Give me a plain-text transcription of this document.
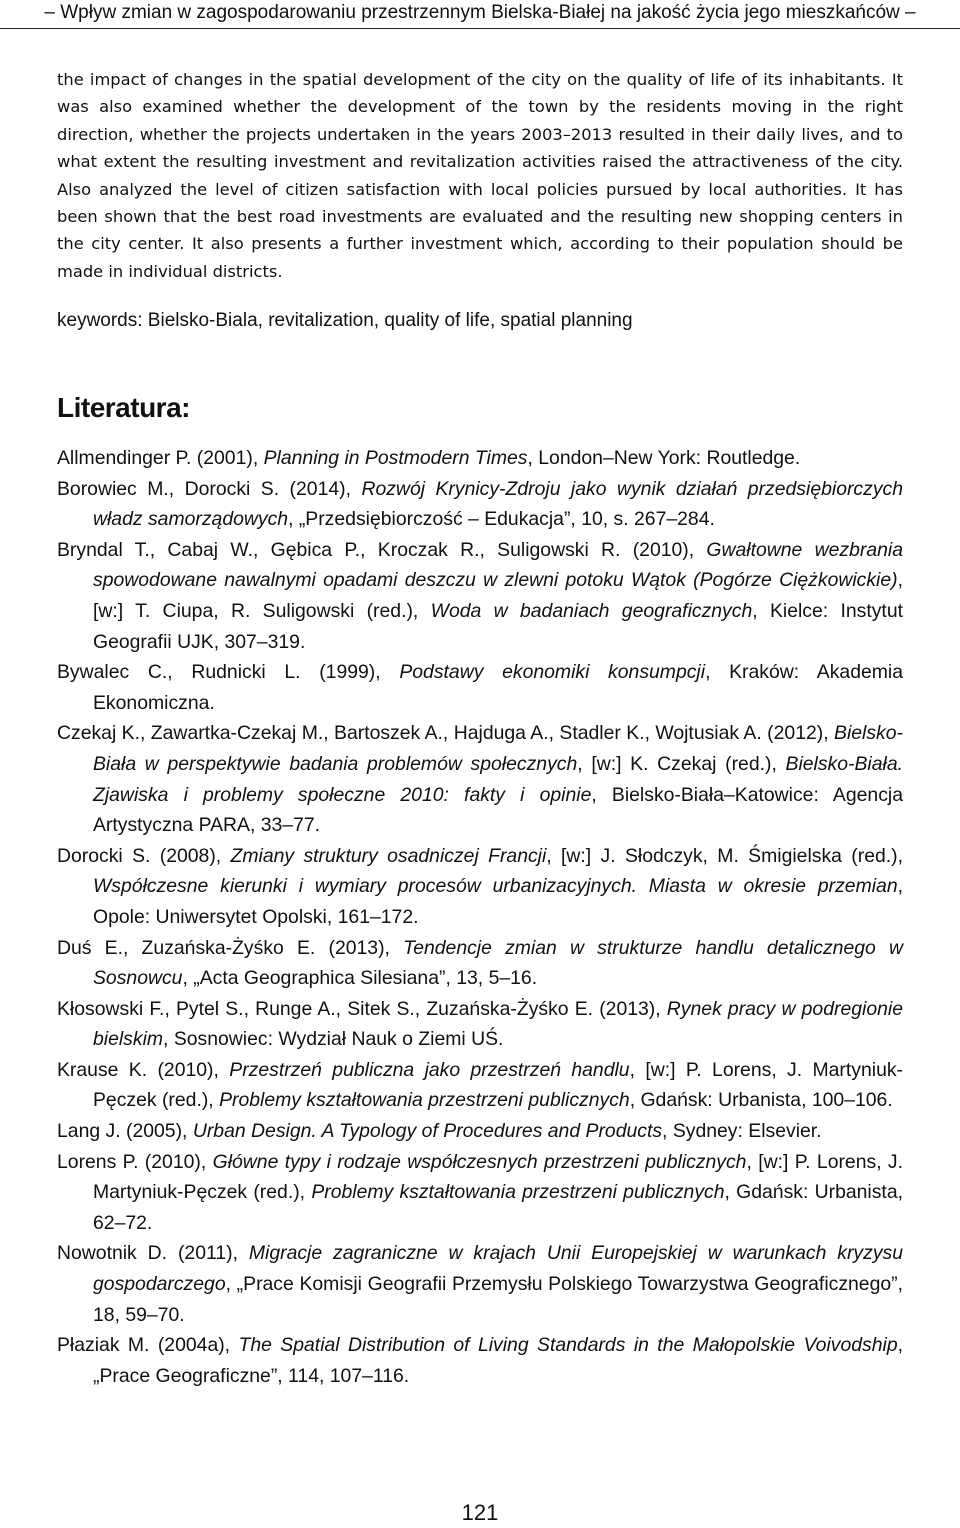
– Wpływ zmian w zagospodarowaniu przestrzennym Bielska-Białej na jakość życia jego mieszkańców –
the impact of changes in the spatial development of the city on the quality of life of its inhabitants. It was also examined whether the development of the town by the residents moving in the right direction, whether the projects undertaken in the years 2003–2013 resulted in their daily lives, and to what extent the resulting investment and revitalization activities raised the attractiveness of the city. Also analyzed the level of citizen satisfaction with local policies pursued by local authorities. It has been shown that the best road investments are evaluated and the resulting new shopping centers in the city center. It also presents a further investment which, according to their population should be made in individual districts.
keywords: Bielsko-Biala, revitalization, quality of life, spatial planning
Literatura:
Allmendinger P. (2001), Planning in Postmodern Times, London–New York: Routledge.
Borowiec M., Dorocki S. (2014), Rozwój Krynicy-Zdroju jako wynik działań przedsiębiorczych władz samorządowych, „Przedsiębiorczość – Edukacja”, 10, s. 267–284.
Bryndal T., Cabaj W., Gębica P., Kroczak R., Suligowski R. (2010), Gwałtowne wezbrania spowodowane nawalnymi opadami deszczu w zlewni potoku Wątok (Pogórze Ciężkowickie), [w:] T. Ciupa, R. Suligowski (red.), Woda w badaniach geograficznych, Kielce: Instytut Geografii UJK, 307–319.
Bywalec C., Rudnicki L. (1999), Podstawy ekonomiki konsumpcji, Kraków: Akademia Ekonomiczna.
Czekaj K., Zawartka-Czekaj M., Bartoszek A., Hajduga A., Stadler K., Wojtusiak A. (2012), Bielsko-Biała w perspektywie badania problemów społecznych, [w:] K. Czekaj (red.), Bielsko-Biała. Zjawiska i problemy społeczne 2010: fakty i opinie, Bielsko-Biała–Katowice: Agencja Artystyczna PARA, 33–77.
Dorocki S. (2008), Zmiany struktury osadniczej Francji, [w:] J. Słodczyk, M. Śmigielska (red.), Współczesne kierunki i wymiary procesów urbanizacyjnych. Miasta w okresie przemian, Opole: Uniwersytet Opolski, 161–172.
Duś E., Zuzańska-Żyśko E. (2013), Tendencje zmian w strukturze handlu detalicznego w Sosnowcu, „Acta Geographica Silesiana”, 13, 5–16.
Kłosowski F., Pytel S., Runge A., Sitek S., Zuzańska-Żyśko E. (2013), Rynek pracy w podregionie bielskim, Sosnowiec: Wydział Nauk o Ziemi UŚ.
Krause K. (2010), Przestrzeń publiczna jako przestrzeń handlu, [w:] P. Lorens, J. Martyniuk-Pęczek (red.), Problemy kształtowania przestrzeni publicznych, Gdańsk: Urbanista, 100–106.
Lang J. (2005), Urban Design. A Typology of Procedures and Products, Sydney: Elsevier.
Lorens P. (2010), Główne typy i rodzaje współczesnych przestrzeni publicznych, [w:] P. Lorens, J. Martyniuk-Pęczek (red.), Problemy kształtowania przestrzeni publicznych, Gdańsk: Urbanista, 62–72.
Nowotnik D. (2011), Migracje zagraniczne w krajach Unii Europejskiej w warunkach kryzysu gospodarczego, „Prace Komisji Geografii Przemysłu Polskiego Towarzystwa Geograficznego”, 18, 59–70.
Płaziak M. (2004a), The Spatial Distribution of Living Standards in the Małopolskie Voivodship, „Prace Geograficzne”, 114, 107–116.
121
